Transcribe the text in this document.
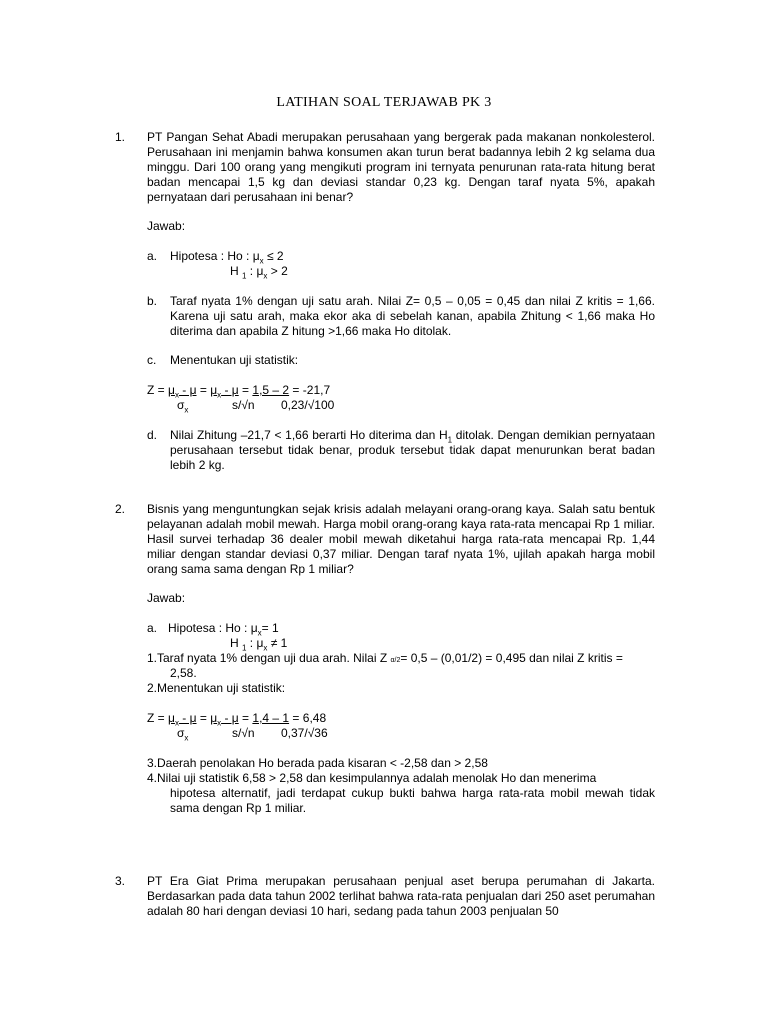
LATIHAN SOAL TERJAWAB PK 3
1. PT Pangan Sehat Abadi merupakan perusahaan yang bergerak pada makanan nonkolesterol. Perusahaan ini menjamin bahwa konsumen akan turun berat badannya lebih 2 kg selama dua minggu. Dari 100 orang yang mengikuti program ini ternyata penurunan rata-rata hitung berat badan mencapai 1,5 kg dan deviasi standar 0,23 kg. Dengan taraf nyata 5%, apakah pernyataan dari perusahaan ini benar?
Jawab:
a. Hipotesa : Ho : $\mu_x \le 2$
H $_1$ : $\mu_x > 2$
b. Taraf nyata 1% dengan uji satu arah. Nilai Z= 0,5 – 0,05 = 0,45 dan nilai Z kritis = 1,66. Karena uji satu arah, maka ekor aka di sebelah kanan, apabila Zhitung < 1,66 maka Ho diterima dan apabila Z hitung >1,66 maka Ho ditolak.
c. Menentukan uji statistik:
$Z = \mu_x - \mu = \mu_x - \mu = 1,5 - 2 = -21,7$
$\sigma_x$	s/√n 0,23/√100
d. Nilai Zhitung –21,7 < 1,66 berarti Ho diterima dan $H_1$ ditolak. Dengan demikian pernyataan perusahaan tersebut tidak benar, produk tersebut tidak dapat menurunkan berat badan lebih 2 kg.
2. Bisnis yang menguntungkan sejak krisis adalah melayani orang-orang kaya. Salah satu bentuk pelayanan adalah mobil mewah. Harga mobil orang-orang kaya rata-rata mencapai Rp 1 miliar. Hasil survei terhadap 36 dealer mobil mewah diketahui harga rata-rata mencapai Rp. 1,44 miliar dengan standar deviasi 0,37 miliar. Dengan taraf nyata 1%, ujilah apakah harga mobil orang sama sama dengan Rp 1 miliar?
Jawab:
a. Hipotesa : Ho : $\mu_x= 1$
H $_1$ : $\mu_x \ne 1$
1.Taraf nyata 1% dengan uji dua arah. Nilai Z α/2= 0,5 – (0,01/2) = 0,495 dan nilai Z kritis =
2,58.
2.Menentukan uji statistik:
$Z = \mu_x - \mu = \mu_x - \mu = 1,4 - 1 = 6,48$
$\sigma_x$	s/√n 0,37/√36
3.Daerah penolakan Ho berada pada kisaran < -2,58 dan > 2,58
4.Nilai uji statistik 6,58 > 2,58 dan kesimpulannya adalah menolak Ho dan menerima
hipotesa alternatif, jadi terdapat cukup bukti bahwa harga rata-rata mobil mewah tidak sama dengan Rp 1 miliar.
3. PT Era Giat Prima merupakan perusahaan penjual aset berupa perumahan di Jakarta. Berdasarkan pada data tahun 2002 terlihat bahwa rata-rata penjualan dari 250 aset perumahan adalah 80 hari dengan deviasi 10 hari, sedang pada tahun 2003 penjualan 50
